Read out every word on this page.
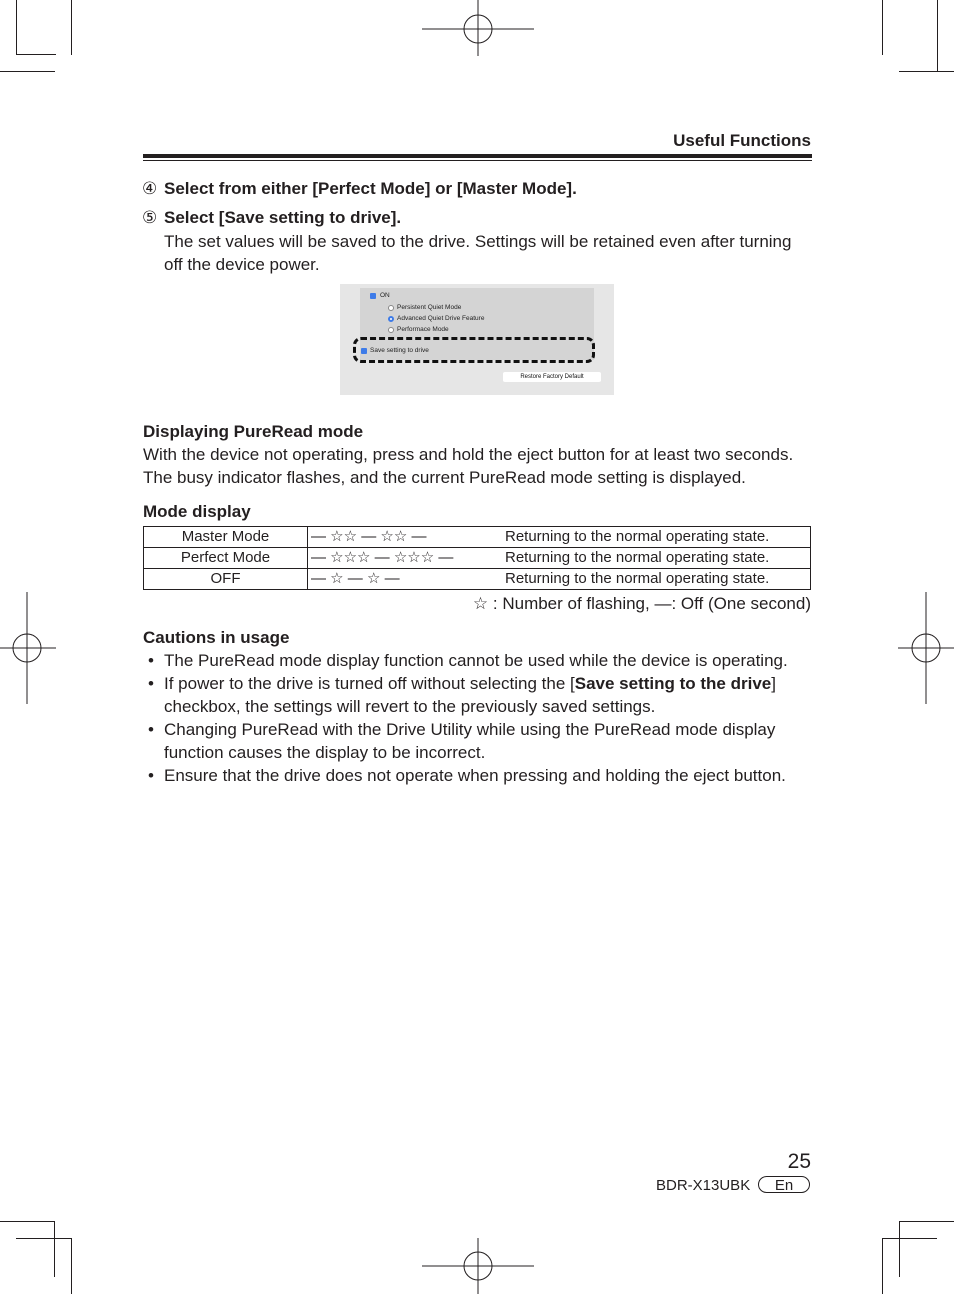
Useful Functions
④ Select from either [Perfect Mode] or [Master Mode].
⑤ Select [Save setting to drive].
The set values will be saved to the drive. Settings will be retained even after turning
off the device power.
ON
Persistent Quiet Mode
Advanced Quiet Drive Feature
Performace Mode
Save setting to drive
Restore Factory Default
Displaying PureRead mode
With the device not operating, press and hold the eject button for at least two seconds.
The busy indicator flashes, and the current PureRead mode setting is displayed.
Mode display
Master Mode	— ☆☆ — ☆☆ —	Returning to the normal operating state.
Perfect Mode	— ☆☆☆ — ☆☆☆ —	Returning to the normal operating state.
OFF	— ☆ — ☆ —	Returning to the normal operating state.
☆ : Number of flashing, —: Off (One second)
Cautions in usage
• The PureRead mode display function cannot be used while the device is operating.
• If power to the drive is turned off without selecting the [Save setting to the drive]
checkbox, the settings will revert to the previously saved settings.
• Changing PureRead with the Drive Utility while using the PureRead mode display
function causes the display to be incorrect.
• Ensure that the drive does not operate when pressing and holding the eject button.
25
BDR-X13UBK	En
